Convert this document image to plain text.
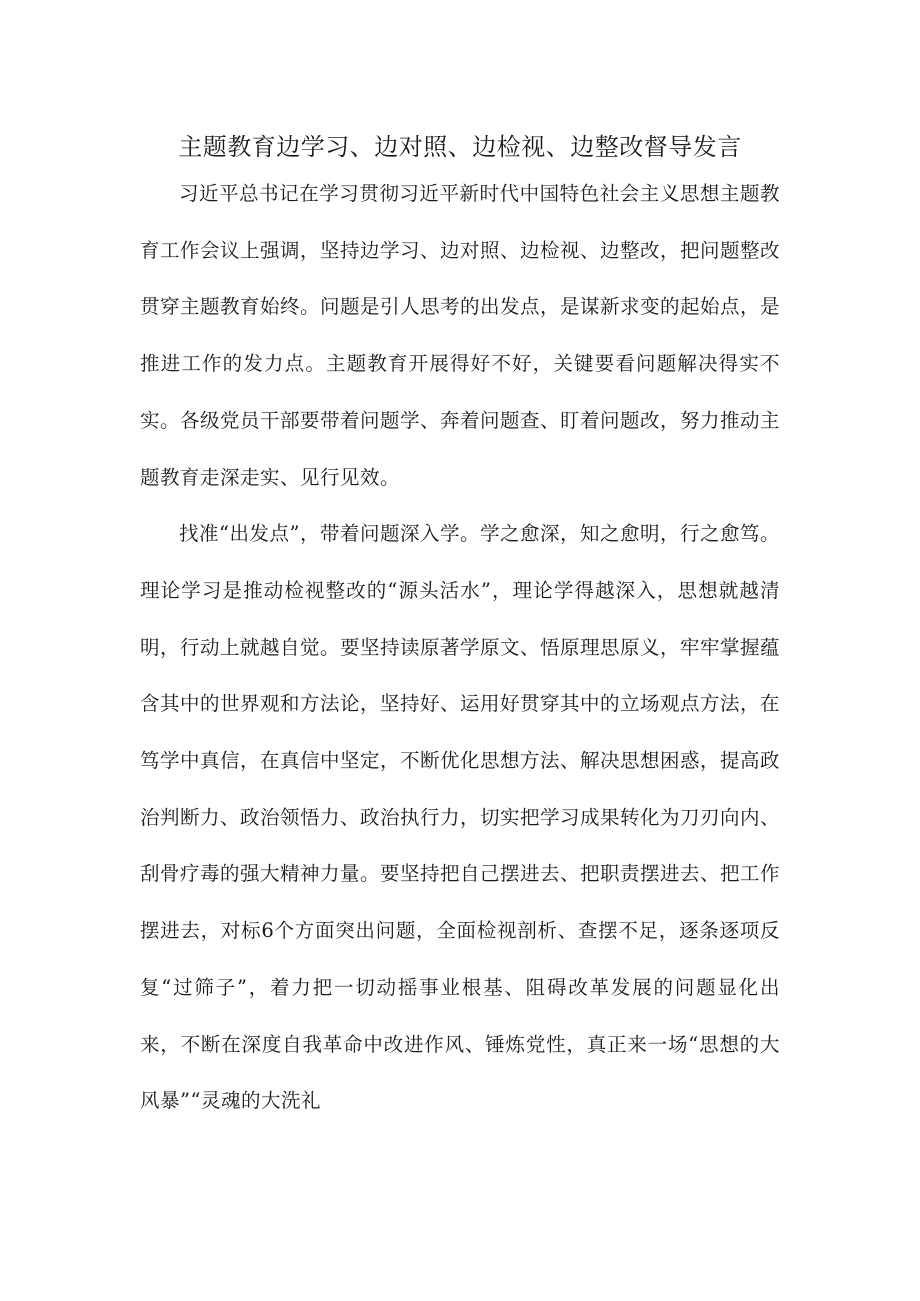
主题教育边学习、边对照、边检视、边整改督导发言

习近平总书记在学习贯彻习近平新时代中国特色社会主义思想主题教育工作会议上强调，坚持边学习、边对照、边检视、边整改，把问题整改贯穿主题教育始终。问题是引人思考的出发点，是谋新求变的起始点，是推进工作的发力点。主题教育开展得好不好，关键要看问题解决得实不实。各级党员干部要带着问题学、奔着问题查、盯着问题改，努力推动主题教育走深走实、见行见效。

找准“出发点”，带着问题深入学。学之愈深，知之愈明，行之愈笃。理论学习是推动检视整改的“源头活水”，理论学得越深入，思想就越清明，行动上就越自觉。要坚持读原著学原文、悟原理思原义，牢牢掌握蕴含其中的世界观和方法论，坚持好、运用好贯穿其中的立场观点方法，在笃学中真信，在真信中坚定，不断优化思想方法、解决思想困惑，提高政治判断力、政治领悟力、政治执行力，切实把学习成果转化为刀刃向内、刮骨疗毒的强大精神力量。要坚持把自己摆进去、把职责摆进去、把工作摆进去，对标6个方面突出问题，全面检视剖析、查摆不足，逐条逐项反复“过筛子”，着力把一切动摇事业根基、阻碍改革发展的问题显化出来，不断在深度自我革命中改进作风、锤炼党性，真正来一场“思想的大风暴”“灵魂的大洗礼
